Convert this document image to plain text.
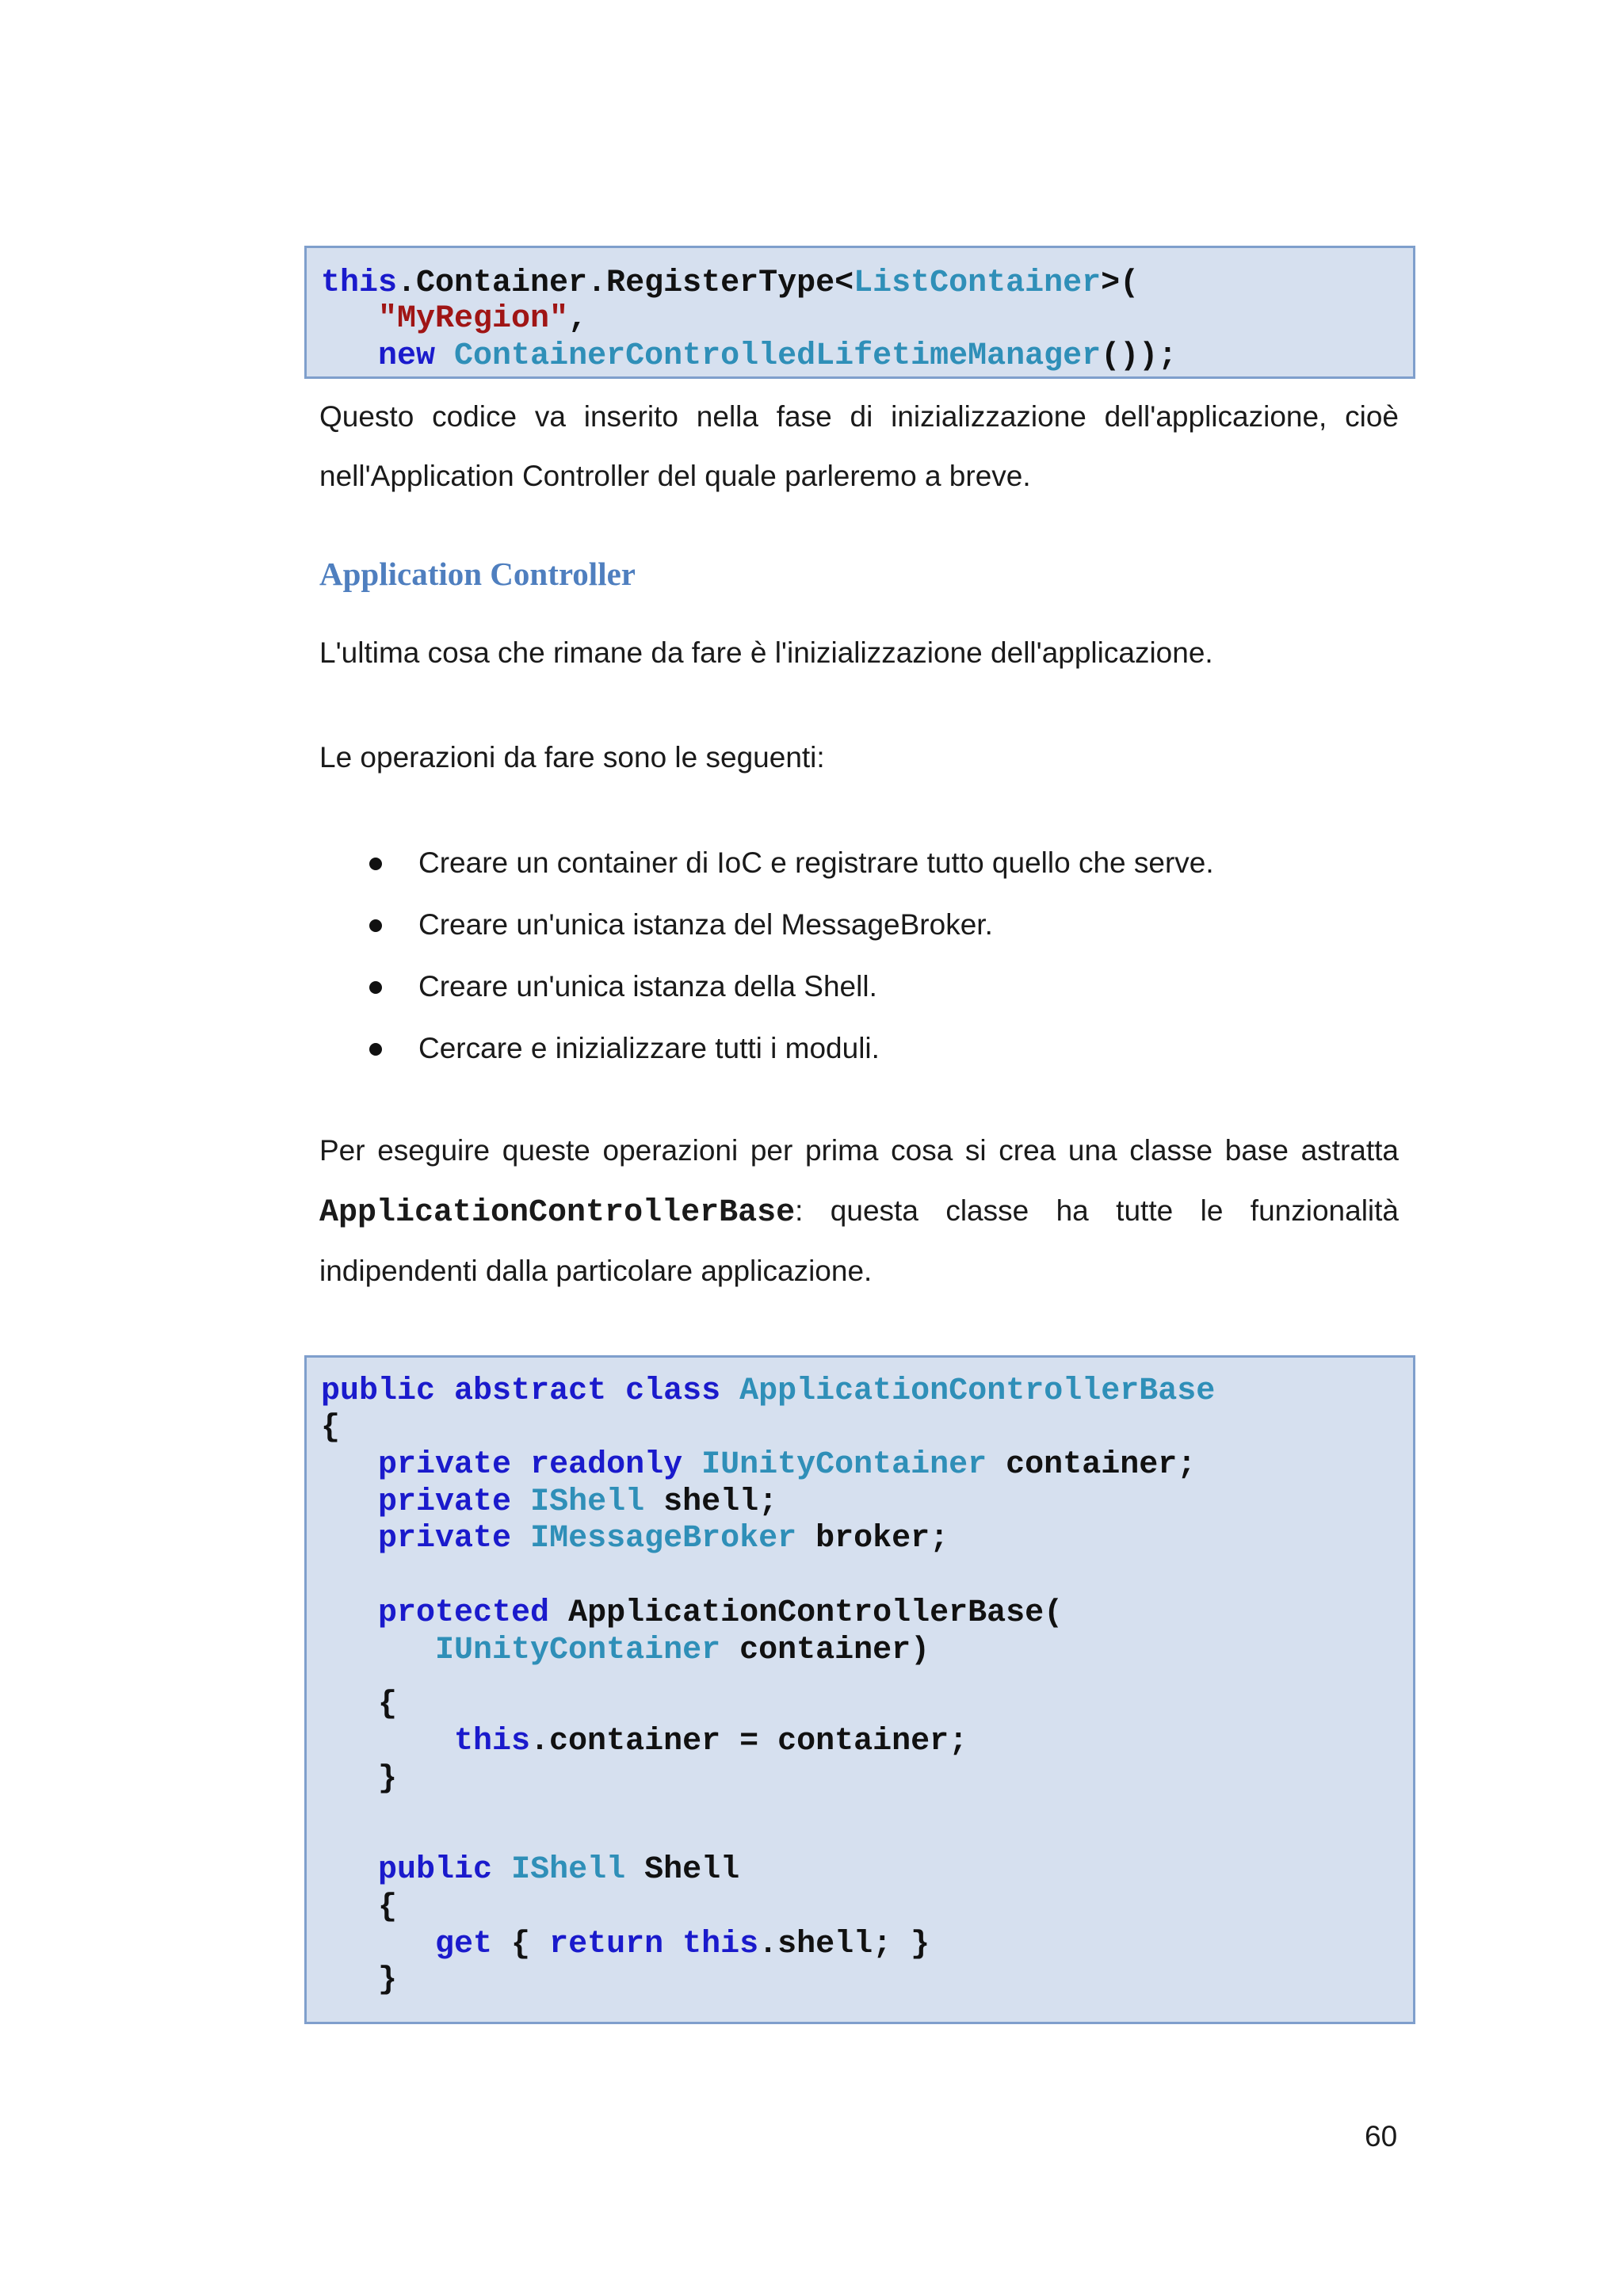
this.Container.RegisterType<ListContainer>(
"MyRegion",
new ContainerControlledLifetimeManager());

Questo codice va inserito nella fase di inizializzazione dell'applicazione, cioè

nell'Application Controller del quale parleremo a breve.

Application Controller

L'ultima cosa che rimane da fare è l'inizializzazione dell'applicazione.

Le operazioni da fare sono le seguenti:

Creare un container di IoC e registrare tutto quello che serve.
Creare un'unica istanza del MessageBroker.
Creare un'unica istanza della Shell.
Cercare e inizializzare tutti i moduli.

Per eseguire queste operazioni per prima cosa si crea una classe base astratta

ApplicationControllerBase: questa classe ha tutte le funzionalità

indipendenti dalla particolare applicazione.

public abstract class ApplicationControllerBase
{
private readonly IUnityContainer container;
private IShell shell;
private IMessageBroker broker;
protected ApplicationControllerBase(
IUnityContainer container)
{
this.container = container;
}
public IShell Shell
{
get { return this.shell; }
}
60
